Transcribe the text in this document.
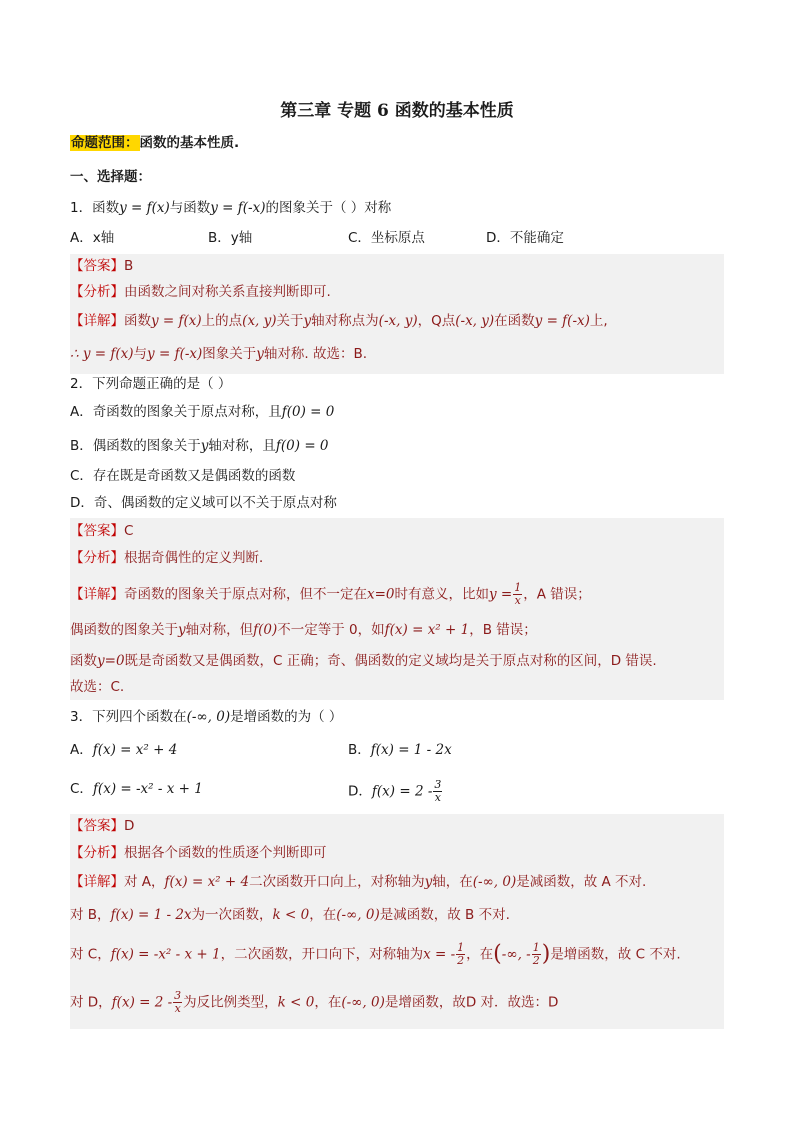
第三章 专题 6 函数的基本性质
命题范围：函数的基本性质.
一、选择题：
1．函数y = f(x)与函数y = f(-x)的图象关于（ ）对称
A．x轴	B．y轴	C．坐标原点	D．不能确定
【答案】B
【分析】由函数之间对称关系直接判断即可.
【详解】函数y = f(x)上的点(x, y)关于y轴对称点为(-x, y)，Q点(-x, y)在函数y = f(-x)上,
∴ y = f(x)与y = f(-x)图象关于y轴对称. 故选：B.
2．下列命题正确的是（ ）
A．奇函数的图象关于原点对称，且f(0) = 0
B．偶函数的图象关于y轴对称，且f(0) = 0
C．存在既是奇函数又是偶函数的函数
D．奇、偶函数的定义域可以不关于原点对称
【答案】C
【分析】根据奇偶性的定义判断．
【详解】奇函数的图象关于原点对称，但不一定在x=0时有意义，比如$y = \frac{1}{x}$ ，A 错误；
偶函数的图象关于y轴对称，但f(0)不一定等于 0，如f(x) = x² + 1，B 错误；
函数y=0既是奇函数又是偶函数，C 正确；奇、偶函数的定义域均是关于原点对称的区间，D 错误.
故选：C.
3．下列四个函数在(-∞, 0)是增函数的为（ ）
A．f(x) = x² + 4	B．f(x) = 1 - 2x
C．f(x) = -x² - x + 1	D．$f(x) = 2 - \frac{3}{x}$
【答案】D
【分析】根据各个函数的性质逐个判断即可
【详解】对 A，f(x) = x² + 4二次函数开口向上，对称轴为y轴，在(-∞, 0)是减函数，故 A 不对.
对 B，f(x) = 1 - 2x为一次函数，k < 0，在(-∞, 0)是减函数，故 B 不对.
对 C，f(x) = -x² - x + 1，二次函数，开口向下，对称轴为x = - $\frac{1}{2}$ ，在(-∞, - $\frac{1}{2}$ )是增函数，故 C 不对.
对 D，$f(x) = 2 - \frac{3}{x}$ 为反比例类型，k < 0，在(-∞, 0)是增函数，故D 对．故选：D
